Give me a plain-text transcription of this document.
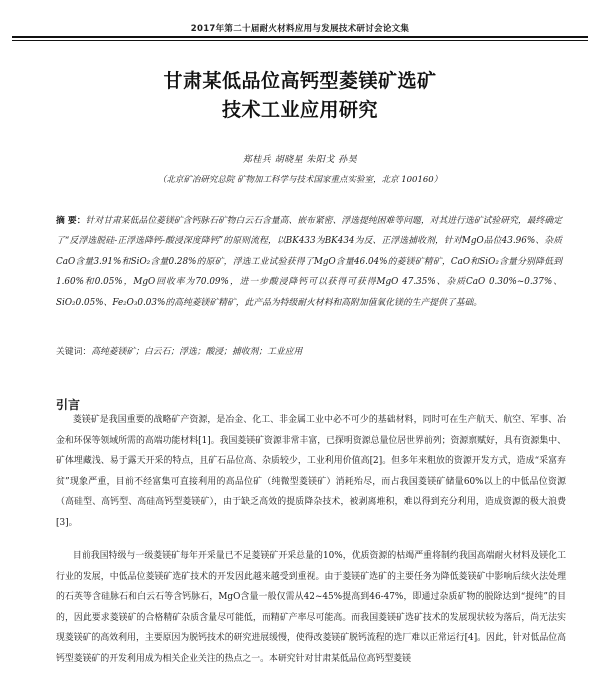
2017年第二十届耐火材料应用与发展技术研讨会论文集
甘肃某低品位高钙型菱镁矿选矿
技术工业应用研究
郑桂兵 胡晓星 朱阳戈 孙昊
（北京矿冶研究总院 矿物加工科学与技术国家重点实验室，北京 100160）
摘 要：针对甘肃某低品位菱镁矿含钙脉石矿物白云石含量高、嵌布紧密、浮选提纯困难等问题，对其进行选矿试验研究，最终确定了“反浮选脱硅-正浮选降钙-酸浸深度降钙”的原则流程，以BK433为BK434为反、正浮选捕收剂，针对MgO品位43.96%、杂质CaO含量3.91%和SiO₂含量0.28%的原矿，浮选工业试验获得了MgO含量46.04%的菱镁矿精矿，CaO和SiO₂含量分别降低到1.60%和0.05%，MgO回收率为70.09%，进一步酸浸降钙可以获得可获得MgO 47.35%、杂质CaO 0.30%~0.37%、SiO₂0.05%、Fe₂O₃0.03%的高纯菱镁矿精矿，此产品为特级耐火材料和高附加值氧化镁的生产提供了基础。
关键词：高纯菱镁矿；白云石；浮选；酸浸；捕收剂；工业应用
引言

菱镁矿是我国重要的战略矿产资源，是冶金、化工、非金属工业中必不可少的基础材料，同时可在生产航天、航空、军事、冶金和环保等领域所需的高端功能材料[1]。我国菱镁矿资源非常丰富，已探明资源总量位居世界前列；资源禀赋好，具有资源集中、矿体埋藏浅、易于露天开采的特点，且矿石品位高、杂质较少，工业利用价值高[2]。但多年来粗放的资源开发方式，造成“采富弃贫”现象严重，目前不经富集可直接利用的高品位矿（纯微型菱镁矿）消耗殆尽，而占我国菱镁矿储量60%以上的中低品位资源（高硅型、高钙型、高硅高钙型菱镁矿），由于缺乏高效的提质降杂技术，被剥离堆积，难以得到充分利用，造成资源的极大浪费[3]。

目前我国特级与一级菱镁矿每年开采量已不足菱镁矿开采总量的10%，优质资源的枯竭严重将制约我国高端耐火材料及镁化工行业的发展，中低品位菱镁矿选矿技术的开发因此越来越受到重视。由于菱镁矿选矿的主要任务为降低菱镁矿中影响后续火法处理的石英等含硅脉石和白云石等含钙脉石，MgO含量一般仅需从42~45%提高到46-47%，即通过杂质矿物的脱除达到“提纯”的目的，因此要求菱镁矿的合格精矿杂质含量尽可能低，而精矿产率尽可能高。而我国菱镁矿选矿技术的发展现状较为落后，尚无法实现菱镁矿的高效利用，主要原因为脱钙技术的研究进展缓慢，使得改菱镁矿脱钙流程的选厂难以正常运行[4]。因此，针对低品位高钙型菱镁矿的开发利用成为相关企业关注的热点之一。本研究针对甘肃某低品位高钙型菱镁
